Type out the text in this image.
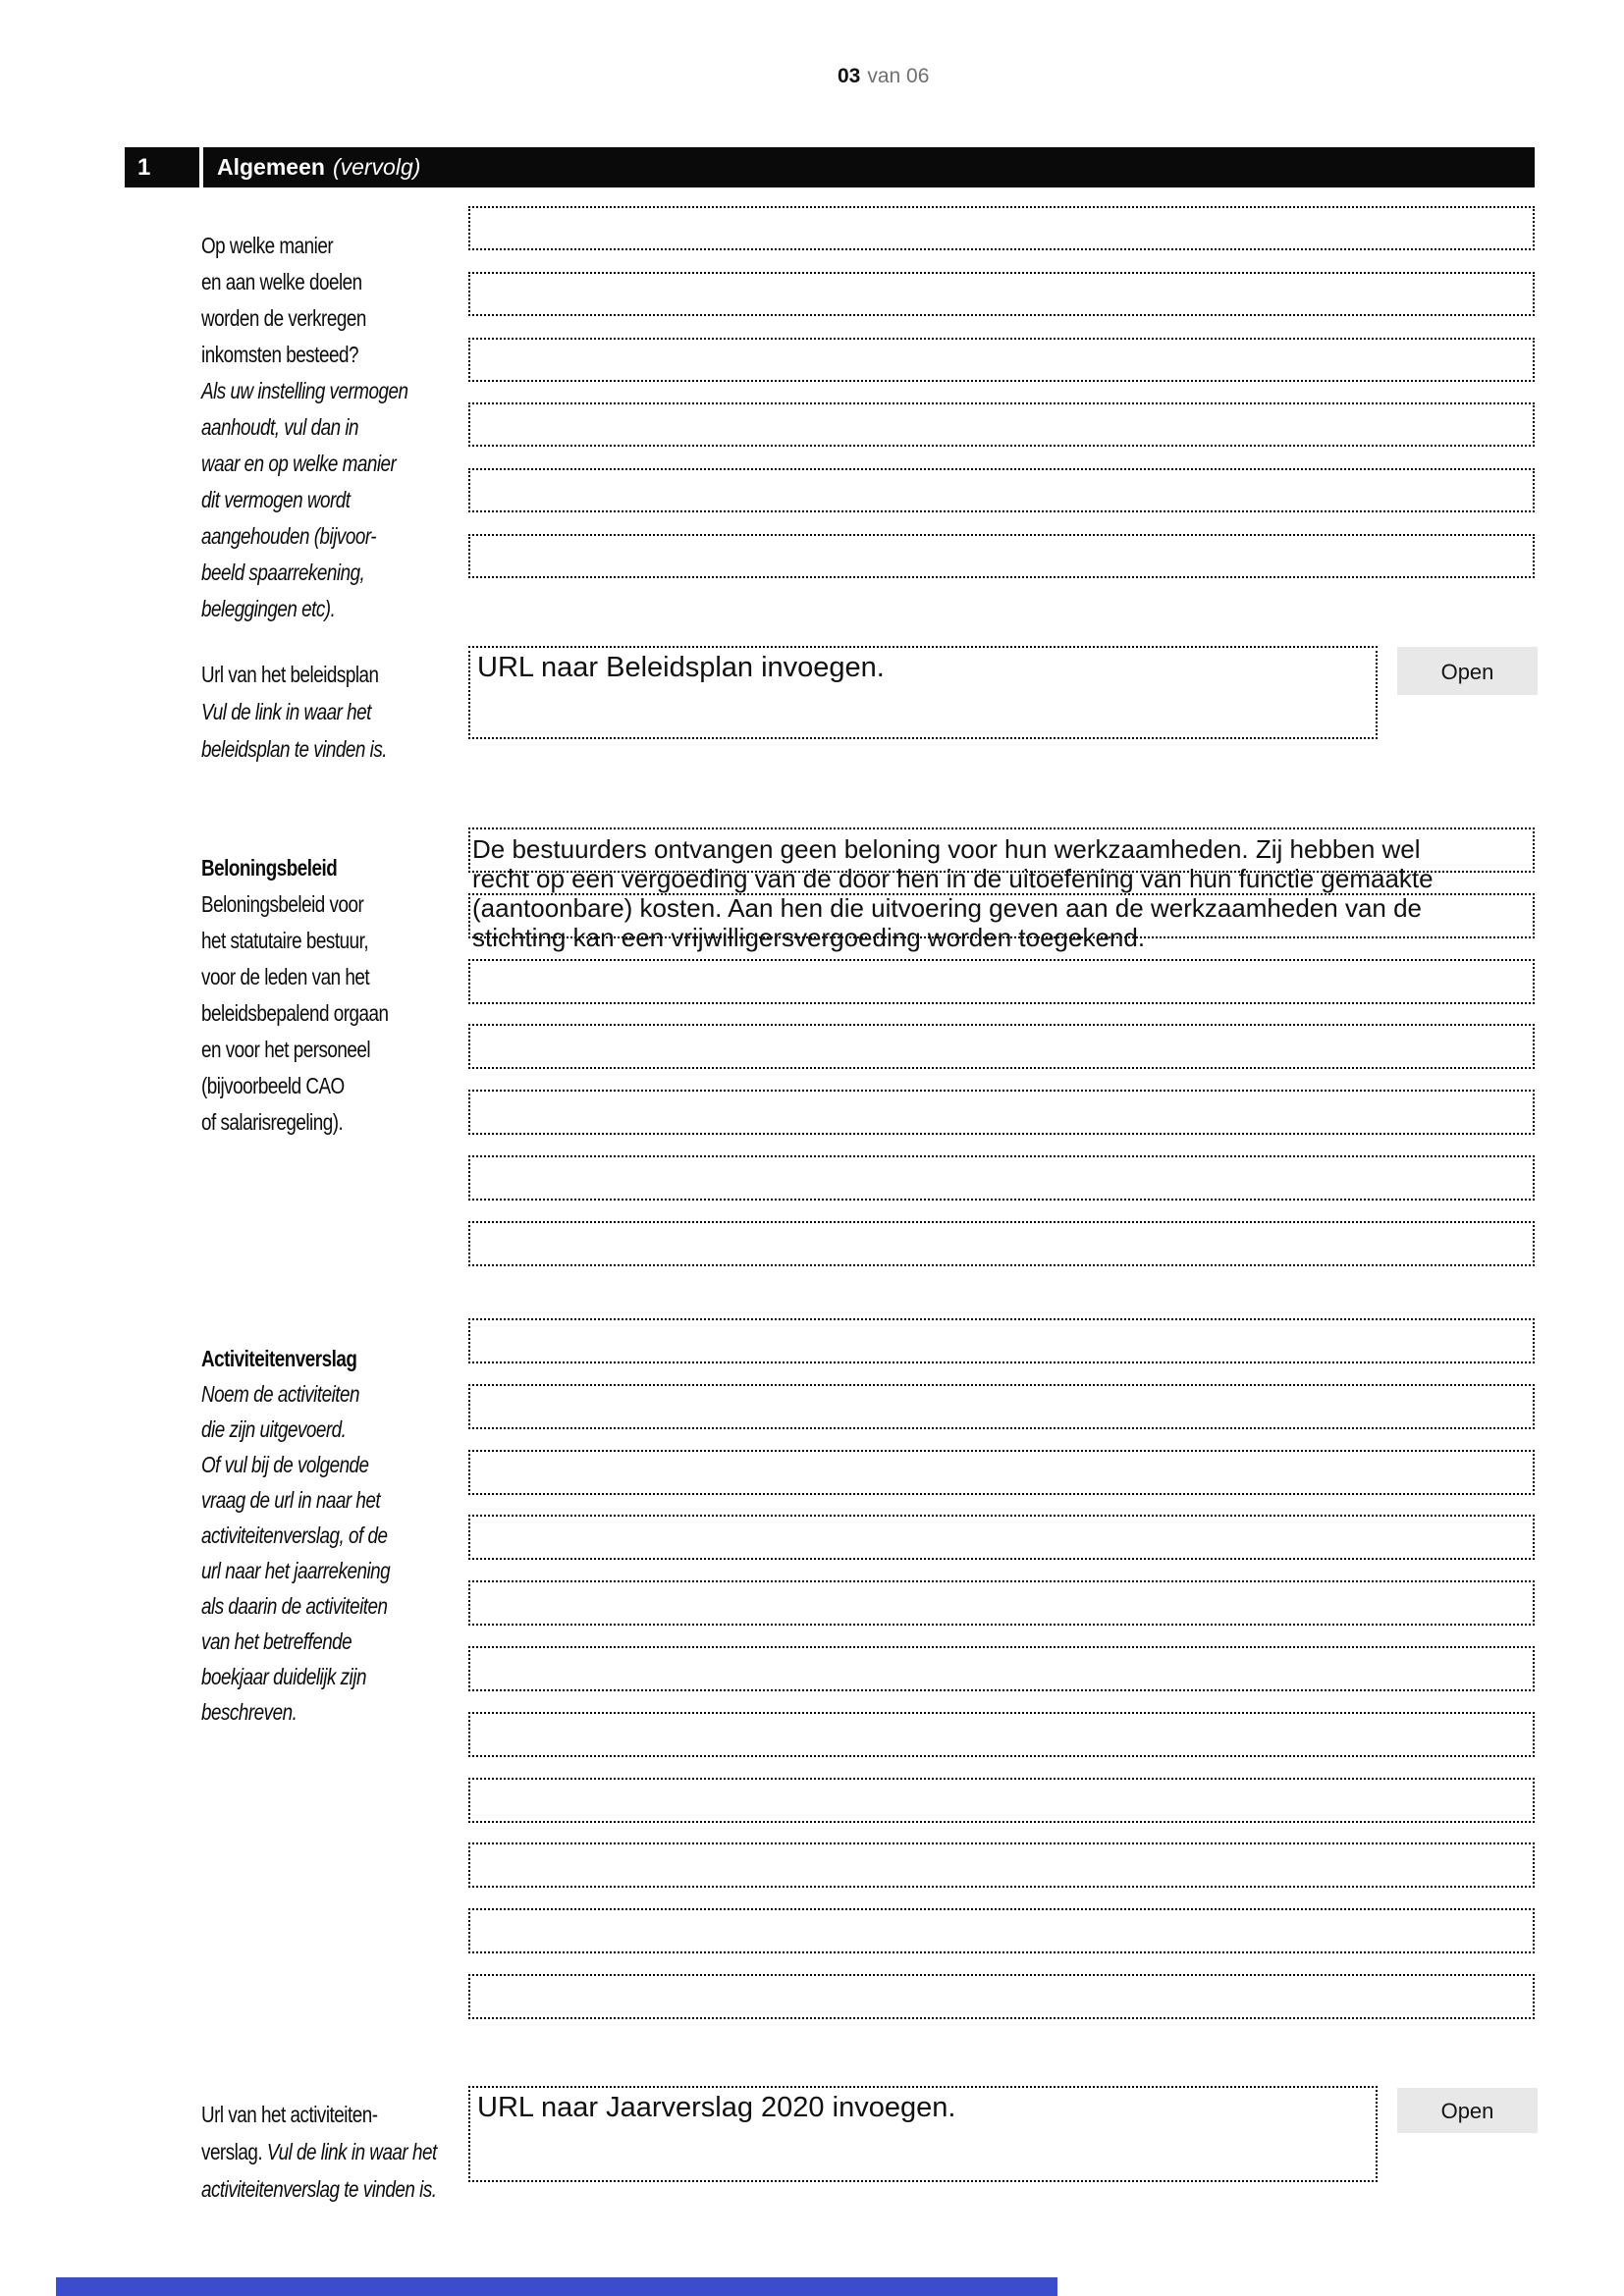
03 van 06
1	Algemeen (vervolg)
Op welke manier
en aan welke doelen
worden de verkregen
inkomsten besteed?
Als uw instelling vermogen
aanhoudt, vul dan in
waar en op welke manier
dit vermogen wordt
aangehouden (bijvoor-
beeld spaarrekening,
beleggingen etc).
Url van het beleidsplan
Vul de link in waar het
beleidsplan te vinden is.
URL naar Beleidsplan invoegen.	Open
Beloningsbeleid
Beloningsbeleid voor
het statutaire bestuur,
voor de leden van het
beleidsbepalend orgaan
en voor het personeel
(bijvoorbeeld CAO
of salarisregeling).
De bestuurders ontvangen geen beloning voor hun werkzaamheden. Zij hebben wel
recht op een vergoeding van de door hen in de uitoefening van hun functie gemaakte
(aantoonbare) kosten. Aan hen die uitvoering geven aan de werkzaamheden van de
stichting kan een vrijwilligersvergoeding worden toegekend.
Activiteitenverslag
Noem de activiteiten
die zijn uitgevoerd.
Of vul bij de volgende
vraag de url in naar het
activiteitenverslag, of de
url naar het jaarrekening
als daarin de activiteiten
van het betreffende
boekjaar duidelijk zijn
beschreven.
Url van het activiteiten-
verslag. Vul de link in waar het
activiteitenverslag te vinden is.
URL naar Jaarverslag 2020 invoegen.	Open
